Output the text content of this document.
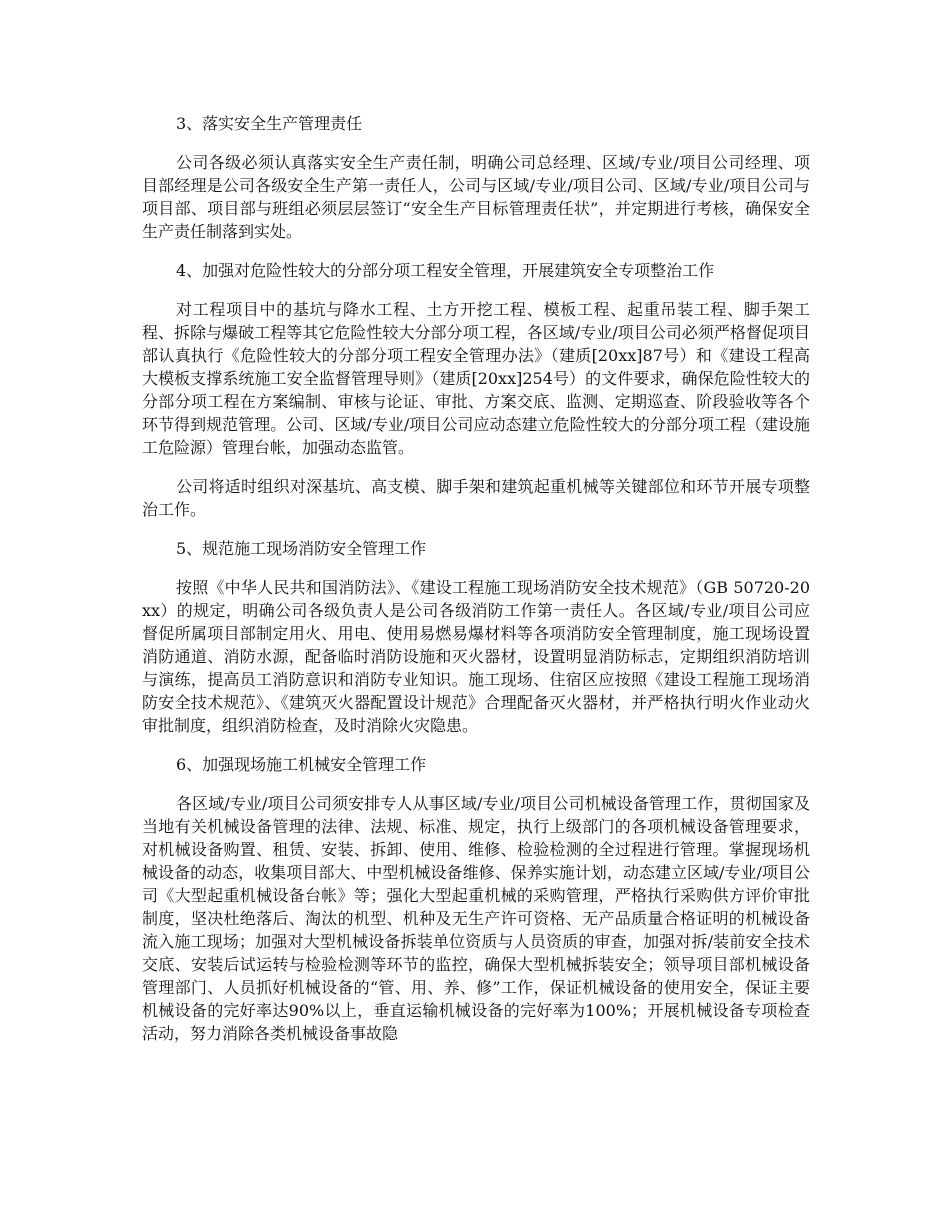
3、落实安全生产管理责任

公司各级必须认真落实安全生产责任制，明确公司总经理、区域/专业/项目公司经理、项目部经理是公司各级安全生产第一责任人，公司与区域/专业/项目公司、区域/专业/项目公司与项目部、项目部与班组必须层层签订“安全生产目标管理责任状”，并定期进行考核，确保安全生产责任制落到实处。

4、加强对危险性较大的分部分项工程安全管理，开展建筑安全专项整治工作

对工程项目中的基坑与降水工程、土方开挖工程、模板工程、起重吊装工程、脚手架工程、拆除与爆破工程等其它危险性较大分部分项工程，各区域/专业/项目公司必须严格督促项目部认真执行《危险性较大的分部分项工程安全管理办法》（建质[20xx]87号）和《建设工程高大模板支撑系统施工安全监督管理导则》（建质[20xx]254号）的文件要求，确保危险性较大的分部分项工程在方案编制、审核与论证、审批、方案交底、监测、定期巡查、阶段验收等各个环节得到规范管理。公司、区域/专业/项目公司应动态建立危险性较大的分部分项工程（建设施工危险源）管理台帐，加强动态监管。

公司将适时组织对深基坑、高支模、脚手架和建筑起重机械等关键部位和环节开展专项整治工作。

5、规范施工现场消防安全管理工作

按照《中华人民共和国消防法》、《建设工程施工现场消防安全技术规范》（GB 50720-20xx）的规定，明确公司各级负责人是公司各级消防工作第一责任人。各区域/专业/项目公司应督促所属项目部制定用火、用电、使用易燃易爆材料等各项消防安全管理制度，施工现场设置消防通道、消防水源，配备临时消防设施和灭火器材，设置明显消防标志，定期组织消防培训与演练，提高员工消防意识和消防专业知识。施工现场、住宿区应按照《建设工程施工现场消防安全技术规范》、《建筑灭火器配置设计规范》合理配备灭火器材，并严格执行明火作业动火审批制度，组织消防检查，及时消除火灾隐患。

6、加强现场施工机械安全管理工作

各区域/专业/项目公司须安排专人从事区域/专业/项目公司机械设备管理工作，贯彻国家及当地有关机械设备管理的法律、法规、标准、规定，执行上级部门的各项机械设备管理要求，对机械设备购置、租赁、安装、拆卸、使用、维修、检验检测的全过程进行管理。掌握现场机械设备的动态，收集项目部大、中型机械设备维修、保养实施计划，动态建立区域/专业/项目公司《大型起重机械设备台帐》等；强化大型起重机械的采购管理，严格执行采购供方评价审批制度，坚决杜绝落后、淘汰的机型、机种及无生产许可资格、无产品质量合格证明的机械设备流入施工现场；加强对大型机械设备拆装单位资质与人员资质的审查，加强对拆/装前安全技术交底、安装后试运转与检验检测等环节的监控，确保大型机械拆装安全；领导项目部机械设备管理部门、人员抓好机械设备的“管、用、养、修”工作，保证机械设备的使用安全，保证主要机械设备的完好率达90%以上，垂直运输机械设备的完好率为100%；开展机械设备专项检查活动，努力消除各类机械设备事故隐
